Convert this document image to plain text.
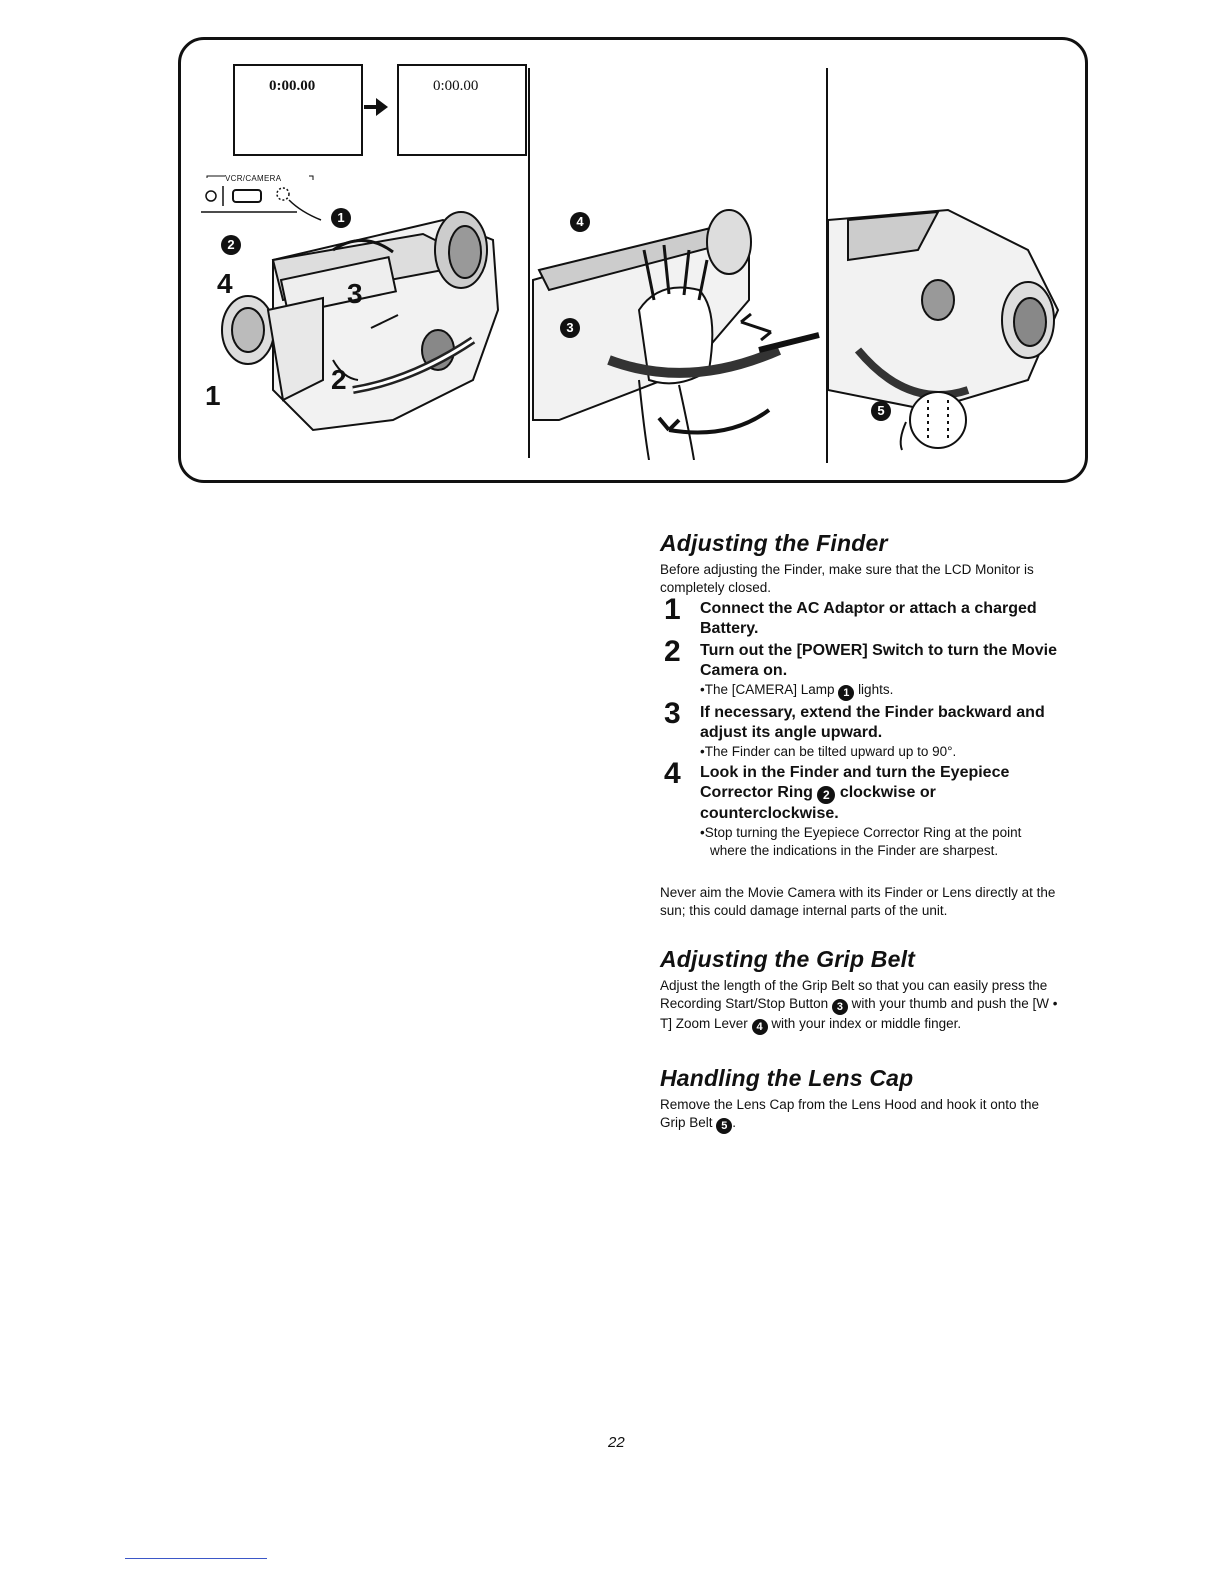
0:00.00	0:00.00
VCR/CAMERA
1
2
4	3
2
1
4
3
5
Adjusting the Finder

Before adjusting the Finder, make sure that the LCD Monitor is completely closed.

1 Connect the AC Adaptor or attach a charged Battery.
2 Turn out the [POWER] Switch to turn the Movie Camera on.
•The [CAMERA] Lamp 1 lights.
3 If necessary, extend the Finder backward and adjust its angle upward.
•The Finder can be tilted upward up to 90°.
4 Look in the Finder and turn the Eyepiece Corrector Ring 2 clockwise or counterclockwise.
•Stop turning the Eyepiece Corrector Ring at the point where the indications in the Finder are sharpest.

Never aim the Movie Camera with its Finder or Lens directly at the sun; this could damage internal parts of the unit.

Adjusting the Grip Belt

Adjust the length of the Grip Belt so that you can easily press the Recording Start/Stop Button 3 with your thumb and push the [W • T] Zoom Lever 4 with your index or middle finger.

Handling the Lens Cap

Remove the Lens Cap from the Lens Hood and hook it onto the Grip Belt 5 .

22
